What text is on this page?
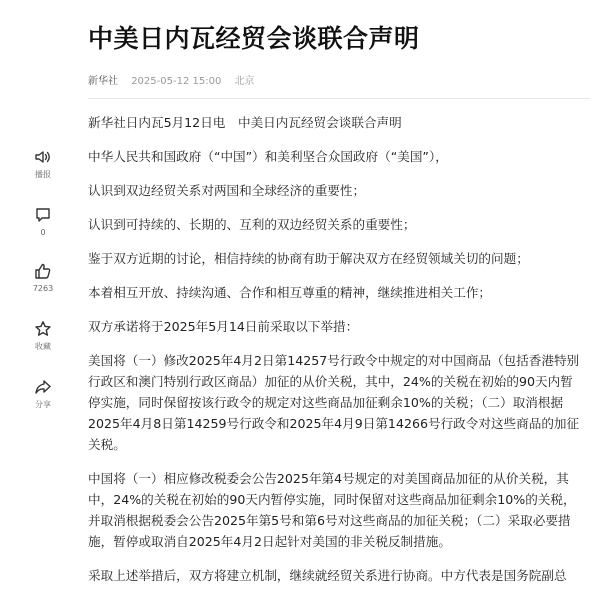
中美日内瓦经贸会谈联合声明
新华社 2025-05-12 15:00 北京
播报
0
7263
收藏
分享

新华社日内瓦5月12日电　中美日内瓦经贸会谈联合声明

中华人民共和国政府（“中国”）和美利坚合众国政府（“美国”），

认识到双边经贸关系对两国和全球经济的重要性；

认识到可持续的、长期的、互利的双边经贸关系的重要性；

鉴于双方近期的讨论，相信持续的协商有助于解决双方在经贸领域关切的问题；

本着相互开放、持续沟通、合作和相互尊重的精神，继续推进相关工作；

双方承诺将于2025年5月14日前采取以下举措：

美国将（一）修改2025年4月2日第14257号行政令中规定的对中国商品（包括香港特别行政区和澳门特别行政区商品）加征的从价关税，其中，24%的关税在初始的90天内暂停实施，同时保留按该行政令的规定对这些商品加征剩余10%的关税；（二）取消根据2025年4月8日第14259号行政令和2025年4月9日第14266号行政令对这些商品的加征关税。

中国将（一）相应修改税委会公告2025年第4号规定的对美国商品加征的从价关税，其中，24%的关税在初始的90天内暂停实施，同时保留对这些商品加征剩余10%的关税，并取消根据税委会公告2025年第5号和第6号对这些商品的加征关税；（二）采取必要措施，暂停或取消自2025年4月2日起针对美国的非关税反制措施。

采取上述举措后，双方将建立机制，继续就经贸关系进行协商。中方代表是国务院副总
